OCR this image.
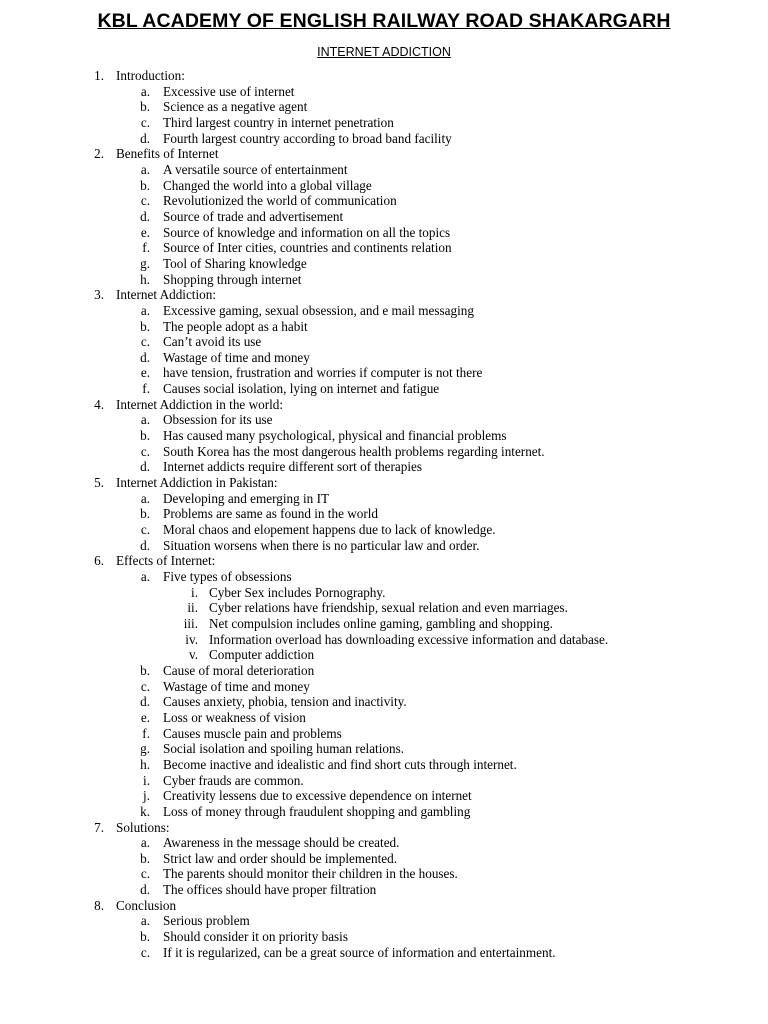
KBL ACADEMY OF ENGLISH RAILWAY ROAD SHAKARGARH
INTERNET ADDICTION
1. Introduction:
a. Excessive use of internet
b. Science as a negative agent
c. Third largest country in internet penetration
d. Fourth largest country according to broad band facility
2. Benefits of Internet
a. A versatile source of entertainment
b. Changed the world into a global village
c. Revolutionized the world of communication
d. Source of trade and advertisement
e. Source of knowledge and information on all the topics
f. Source of Inter cities, countries and continents relation
g. Tool of Sharing knowledge
h. Shopping through internet
3. Internet Addiction:
a. Excessive gaming, sexual obsession, and e mail messaging
b. The people adopt as a habit
c. Can’t avoid its use
d. Wastage of time and money
e. have tension, frustration and worries if computer is not there
f. Causes social isolation, lying on internet and fatigue
4. Internet Addiction in the world:
a. Obsession for its use
b. Has caused many psychological, physical and financial problems
c. South Korea has the most dangerous health problems regarding internet.
d. Internet addicts require different sort of therapies
5. Internet Addiction in Pakistan:
a. Developing and emerging in IT
b. Problems are same as found in the world
c. Moral chaos and elopement happens due to lack of knowledge.
d. Situation worsens when there is no particular law and order.
6. Effects of Internet:
a. Five types of obsessions
i. Cyber Sex includes Pornography.
ii. Cyber relations have friendship, sexual relation and even marriages.
iii. Net compulsion includes online gaming, gambling and shopping.
iv. Information overload has downloading excessive information and database.
v. Computer addiction
b. Cause of moral deterioration
c. Wastage of time and money
d. Causes anxiety, phobia, tension and inactivity.
e. Loss or weakness of vision
f. Causes muscle pain and problems
g. Social isolation and spoiling human relations.
h. Become inactive and idealistic and find short cuts through internet.
i. Cyber frauds are common.
j. Creativity lessens due to excessive dependence on internet
k. Loss of money through fraudulent shopping and gambling
7. Solutions:
a. Awareness in the message should be created.
b. Strict law and order should be implemented.
c. The parents should monitor their children in the houses.
d. The offices should have proper filtration
8. Conclusion
a. Serious problem
b. Should consider it on priority basis
c. If it is regularized, can be a great source of information and entertainment.
